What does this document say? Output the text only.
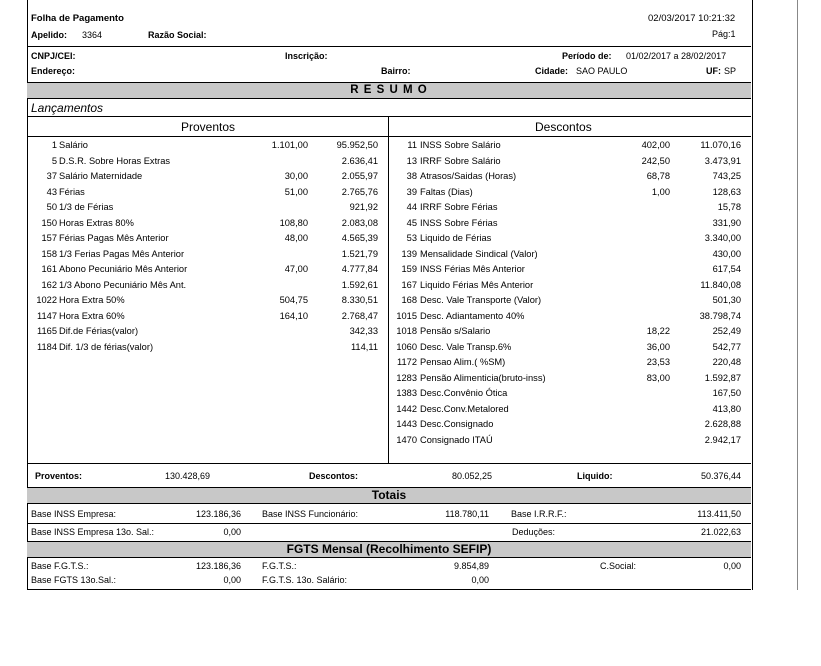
Folha de Pagamento	02/03/2017 10:21:32
Apelido: 3364	Razão Social:	Pág:1
CNPJ/CEI:	Inscrição:	Período de: 01/02/2017 a 28/02/2017
Endereço:	Bairro:	Cidade: SAO PAULO	UF: SP
R E S U M O
Lançamentos
Proventos	Descontos
1 Salário	1.101,00	95.952,50
5 D.S.R. Sobre Horas Extras	2.636,41
37 Salário Maternidade	30,00	2.055,97
43 Férias	51,00	2.765,76
50 1/3 de Férias	921,92
150 Horas Extras 80%	108,80	2.083,08
157 Férias Pagas Mês Anterior	48,00	4.565,39
158 1/3 Ferias Pagas Mês Anterior	1.521,79
161 Abono Pecuniário Mês Anterior	47,00	4.777,84
162 1/3 Abono Pecuniário Mês Ant.	1.592,61
1022 Hora Extra 50%	504,75	8.330,51
1147 Hora Extra 60%	164,10	2.768,47
1165 Dif.de Férias(valor)	342,33
1184 Dif. 1/3 de férias(valor)	114,11
11 INSS Sobre Salário	402,00	11.070,16
13 IRRF Sobre Salário	242,50	3.473,91
38 Atrasos/Saidas (Horas)	68,78	743,25
39 Faltas (Dias)	1,00	128,63
44 IRRF Sobre Férias	15,78
45 INSS Sobre Férias	331,90
53 Liquido de Férias	3.340,00
139 Mensalidade Sindical (Valor)	430,00
159 INSS Férias Mês Anterior	617,54
167 Liquido Férias Mês Anterior	11.840,08
168 Desc. Vale Transporte (Valor)	501,30
1015 Desc. Adiantamento 40%	38.798,74
1018 Pensão s/Salario	18,22	252,49
1060 Desc. Vale Transp.6%	36,00	542,77
1172 Pensao Alim.( %SM)	23,53	220,48
1283 Pensão Alimenticia(bruto-inss)	83,00	1.592,87
1383 Desc.Convênio Ótica	167,50
1442 Desc.Conv.Metalored	413,80
1443 Desc.Consignado	2.628,88
1470 Consignado ITAÚ	2.942,17
Proventos:	130.428,69	Descontos:	80.052,25	Liquido:	50.376,44
Totais
Base INSS Empresa:	123.186,36 Base INSS Funcionário:	118.780,11 Base I.R.R.F.:	113.411,50
Base INSS Empresa 13o. Sal.:	0,00	Deduções:	21.022,63
FGTS Mensal (Recolhimento SEFIP)
Base F.G.T.S.:	123.186,36 F.G.T.S.:	9.854,89	C.Social:	0,00
Base FGTS 13o.Sal.:	0,00 F.G.T.S. 13o. Salário:	0,00
